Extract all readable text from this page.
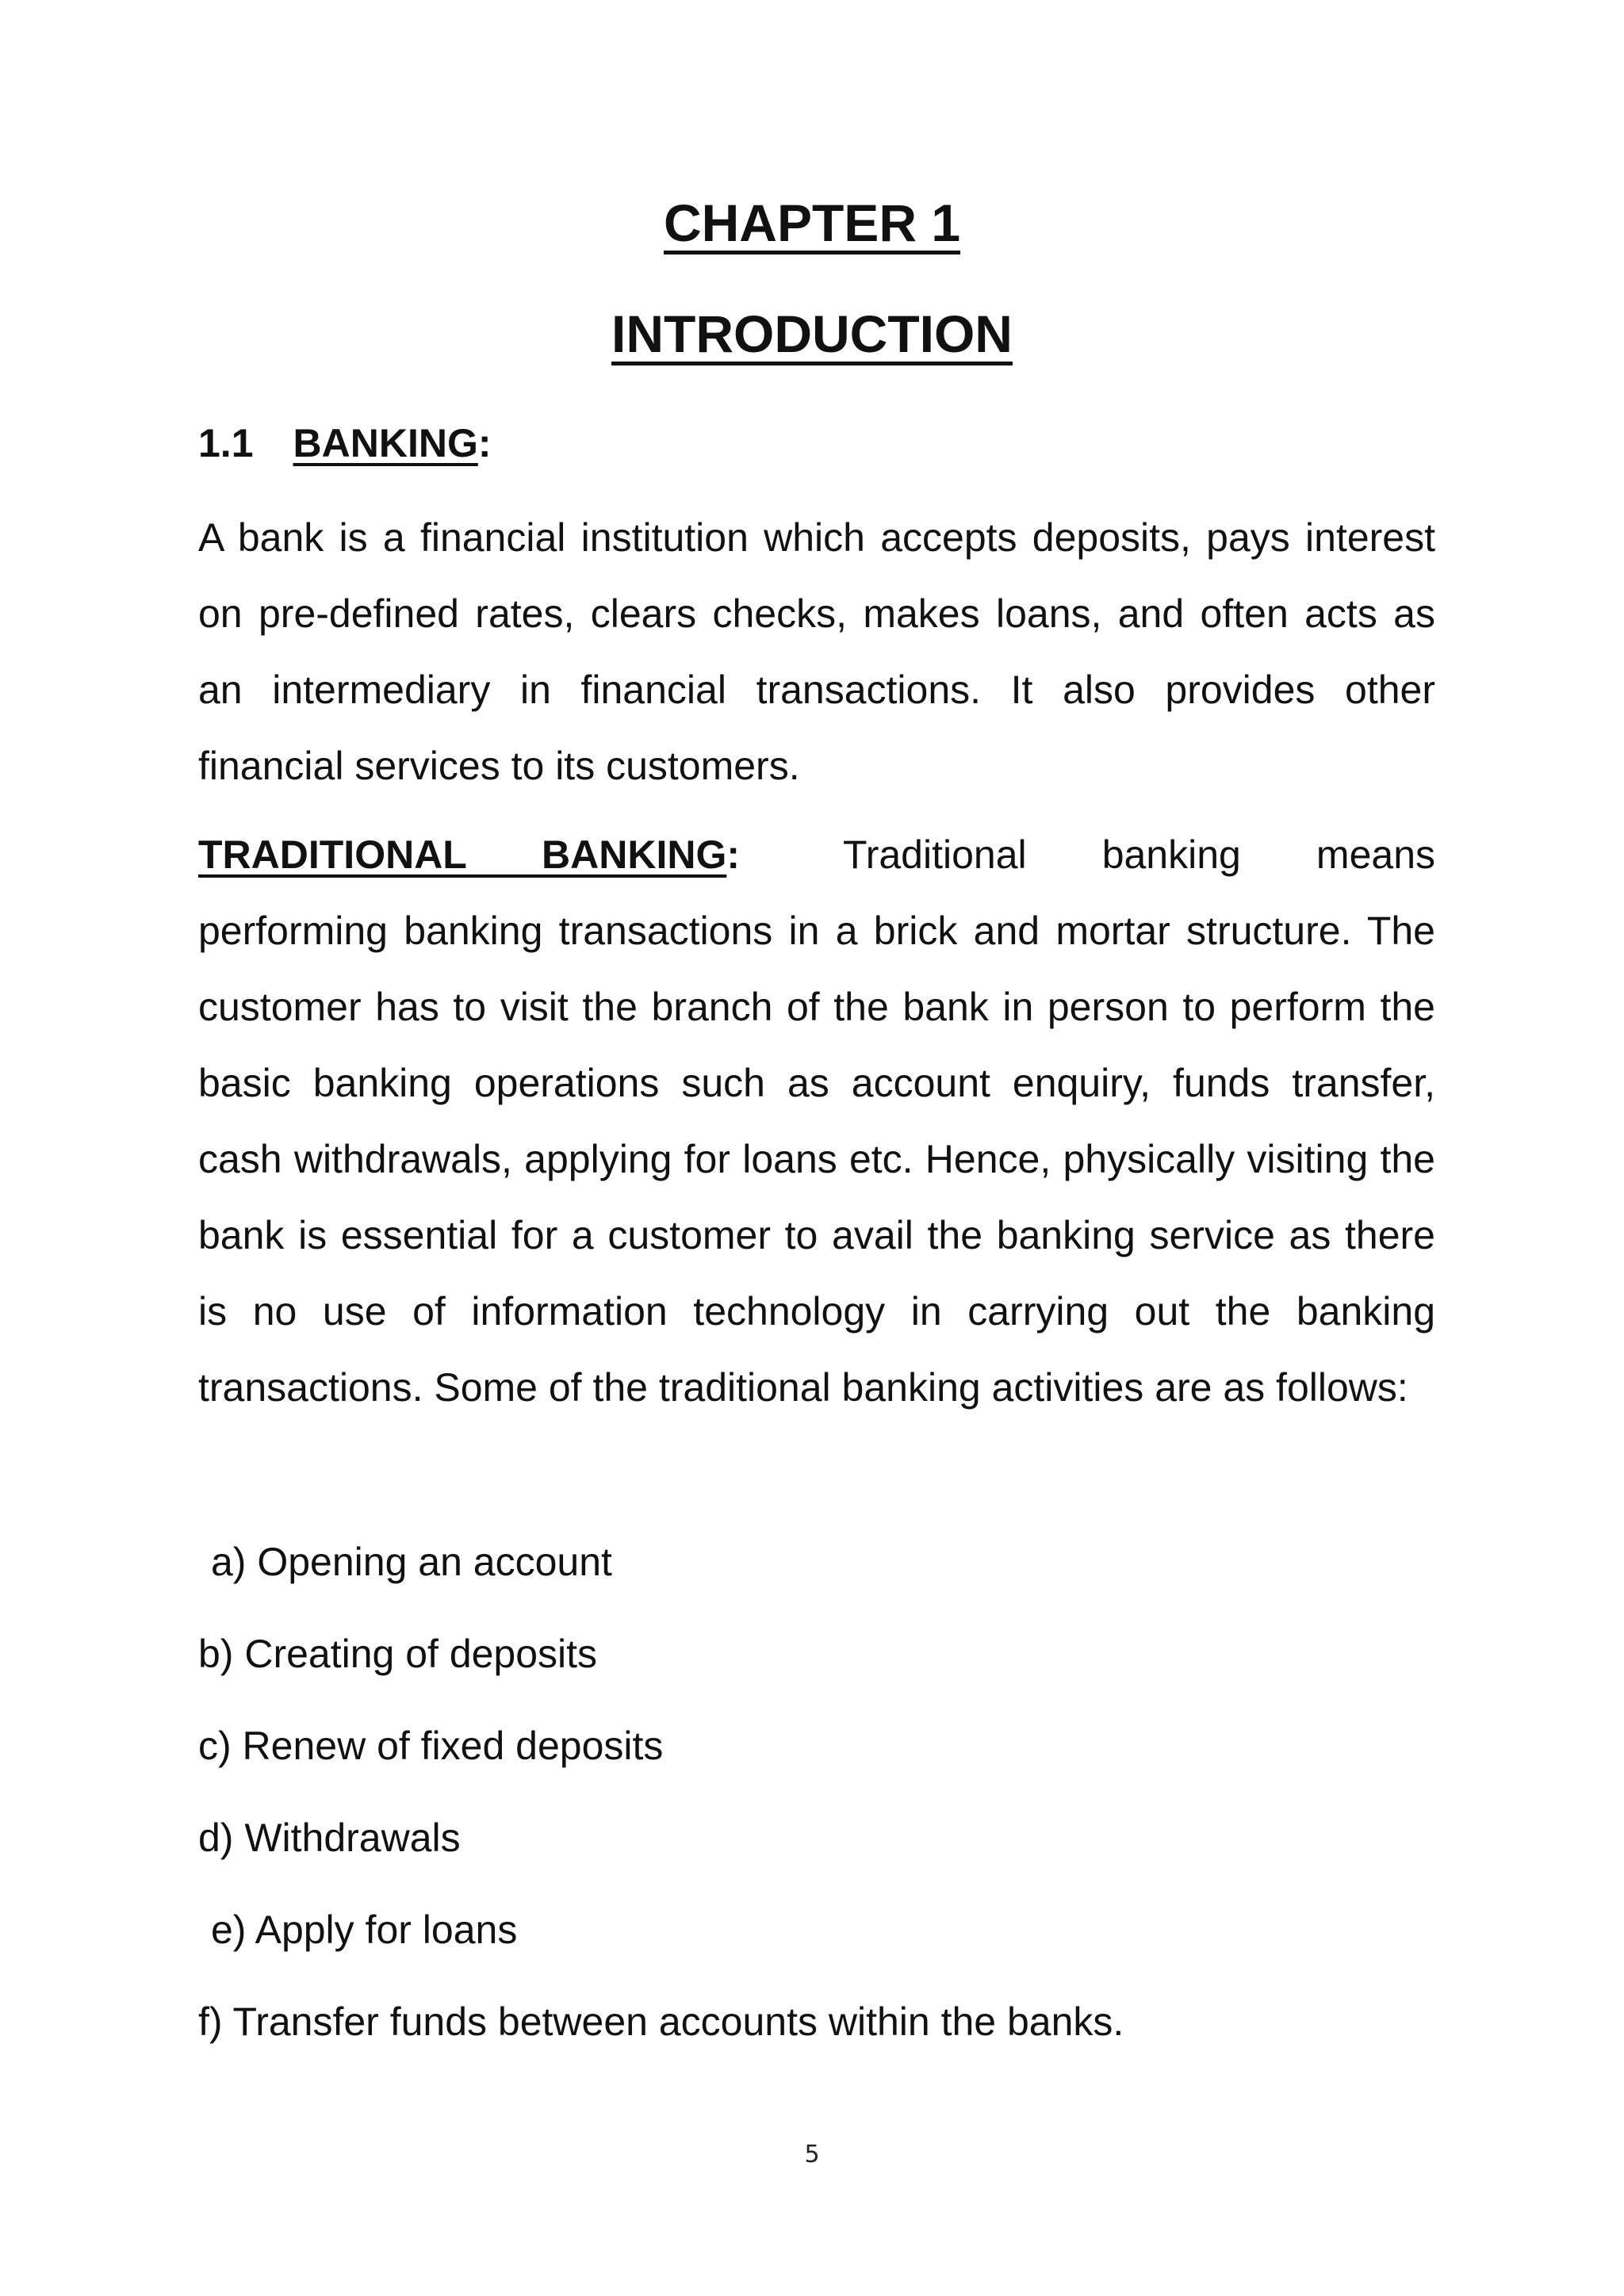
CHAPTER 1
INTRODUCTION
1.1 BANKING:
A bank is a financial institution which accepts deposits, pays interest on pre-defined rates, clears checks, makes loans, and often acts as an intermediary in financial transactions. It also provides other financial services to its customers.
TRADITIONAL BANKING:	Traditional banking means performing banking transactions in a brick and mortar structure. The customer has to visit the branch of the bank in person to perform the basic banking operations such as account enquiry, funds transfer, cash withdrawals, applying for loans etc. Hence, physically visiting the bank is essential for a customer to avail the banking service as there is no use of information technology in carrying out the banking transactions. Some of the traditional banking activities are as follows:
a) Opening an account
b) Creating of deposits
c) Renew of fixed deposits
d) Withdrawals
e) Apply for loans
f) Transfer funds between accounts within the banks.
5
